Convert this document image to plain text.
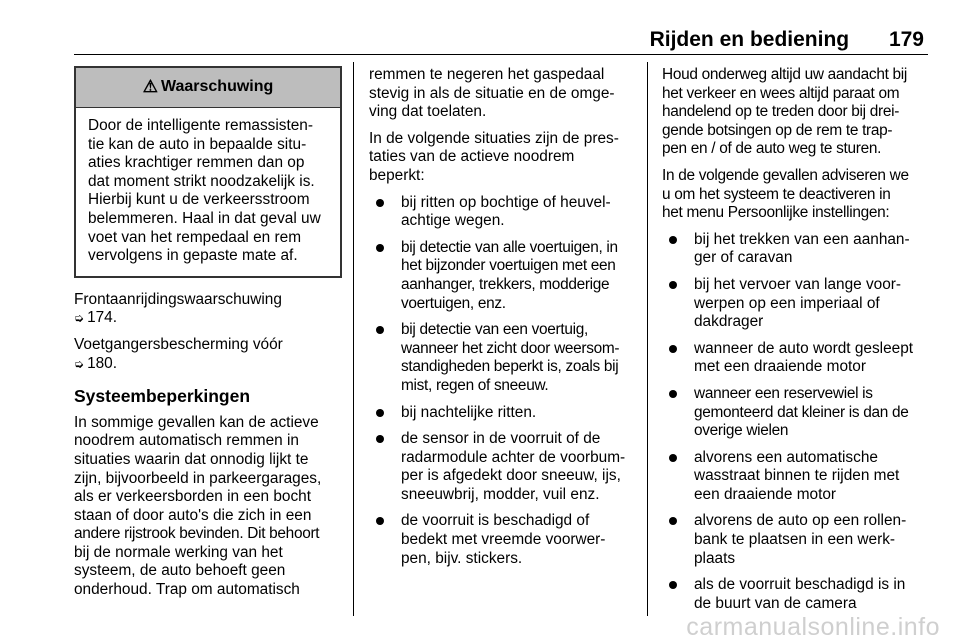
Rijden en bediening 179
⚠ Waarschuwing
Door de intelligente remassisten-
tie kan de auto in bepaalde situ-
aties krachtiger remmen dan op
dat moment strikt noodzakelijk is.
Hierbij kunt u de verkeersstroom
belemmeren. Haal in dat geval uw
voet van het rempedaal en rem
vervolgens in gepaste mate af.

Frontaanrijdingswaarschuwing
➭ 174.

Voetgangersbescherming vóór
➭ 180.

Systeembeperkingen

In sommige gevallen kan de actieve
noodrem automatisch remmen in
situaties waarin dat onnodig lijkt te
zijn, bijvoorbeeld in parkeergarages,
als er verkeersborden in een bocht
staan of door auto's die zich in een
andere rijstrook bevinden. Dit behoort
bij de normale werking van het
systeem, de auto behoeft geen
onderhoud. Trap om automatisch

remmen te negeren het gaspedaal
stevig in als de situatie en de omge-
ving dat toelaten.

In de volgende situaties zijn de pres-
taties van de actieve noodrem
beperkt:

bij ritten op bochtige of heuvel-
achtige wegen.
bij detectie van alle voertuigen, in
het bijzonder voertuigen met een
aanhanger, trekkers, modderige
voertuigen, enz.
bij detectie van een voertuig,
wanneer het zicht door weersom-
standigheden beperkt is, zoals bij
mist, regen of sneeuw.
bij nachtelijke ritten.
de sensor in de voorruit of de
radarmodule achter de voorbum-
per is afgedekt door sneeuw, ijs,
sneeuwbrij, modder, vuil enz.
de voorruit is beschadigd of
bedekt met vreemde voorwer-
pen, bijv. stickers.

Houd onderweg altijd uw aandacht bij
het verkeer en wees altijd paraat om
handelend op te treden door bij drei-
gende botsingen op de rem te trap-
pen en / of de auto weg te sturen.

In de volgende gevallen adviseren we
u om het systeem te deactiveren in
het menu Persoonlijke instellingen:

bij het trekken van een aanhan-
ger of caravan
bij het vervoer van lange voor-
werpen op een imperiaal of
dakdrager
wanneer de auto wordt gesleept
met een draaiende motor
wanneer een reservewiel is
gemonteerd dat kleiner is dan de
overige wielen
alvorens een automatische
wasstraat binnen te rijden met
een draaiende motor
alvorens de auto op een rollen-
bank te plaatsen in een werk-
plaats
als de voorruit beschadigd is in
de buurt van de camera
carmanualsonline.info
